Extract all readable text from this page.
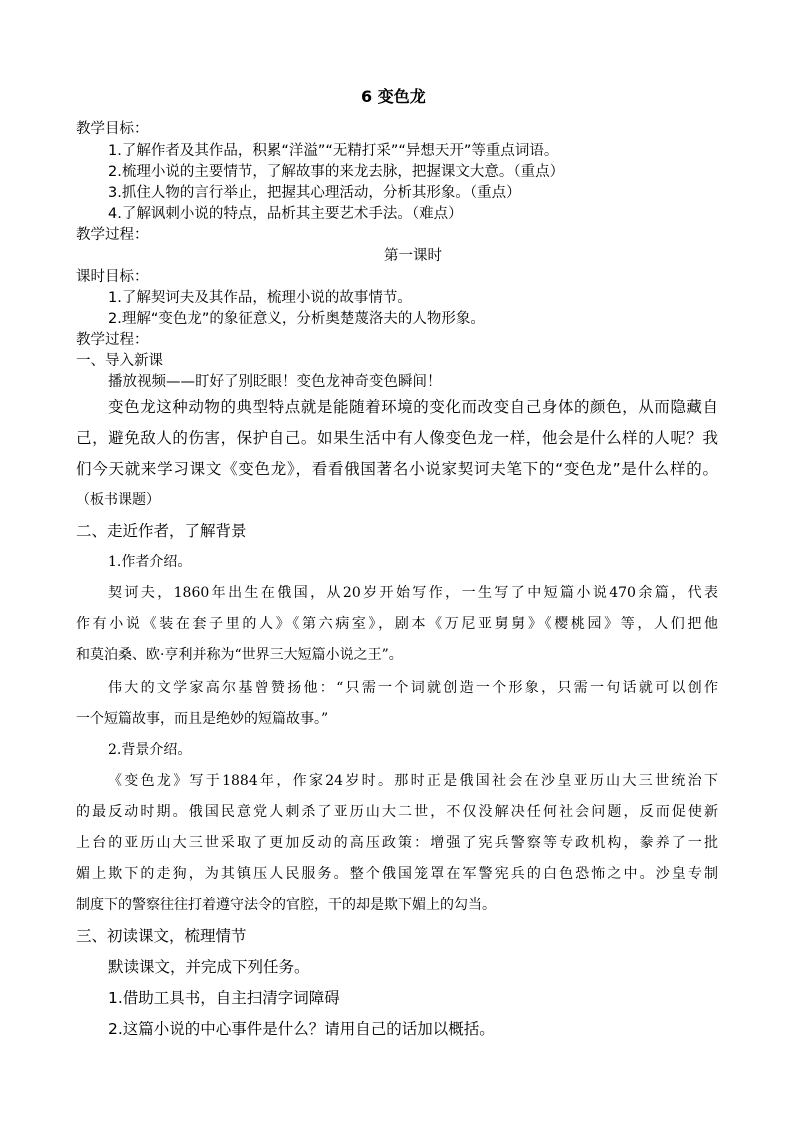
6 变色龙
教学目标：
1.了解作者及其作品，积累“洋溢”“无精打采”“异想天开”等重点词语。
2.梳理小说的主要情节，了解故事的来龙去脉，把握课文大意。（重点）
3.抓住人物的言行举止，把握其心理活动，分析其形象。（重点）
4.了解讽刺小说的特点，品析其主要艺术手法。（难点）
教学过程：
第一课时
课时目标：
1.了解契诃夫及其作品，梳理小说的故事情节。
2.理解“变色龙”的象征意义，分析奥楚蔑洛夫的人物形象。
教学过程：
一、导入新课
播放视频——盯好了别眨眼！变色龙神奇变色瞬间！
变色龙这种动物的典型特点就是能随着环境的变化而改变自己身体的颜色，从而隐藏自
己，避免敌人的伤害，保护自己。如果生活中有人像变色龙一样，他会是什么样的人呢？我
们今天就来学习课文《变色龙》，看看俄国著名小说家契诃夫笔下的“变色龙”是什么样的。
（板书课题）
二、走近作者，了解背景
1.作者介绍。
契诃夫，1860年出生在俄国，从20岁开始写作，一生写了中短篇小说470余篇，代表
作有小说《装在套子里的人》《第六病室》，剧本《万尼亚舅舅》《樱桃园》等，人们把他
和莫泊桑、欧·亨利并称为“世界三大短篇小说之王”。
伟大的文学家高尔基曾赞扬他：“只需一个词就创造一个形象，只需一句话就可以创作
一个短篇故事，而且是绝妙的短篇故事。”
2.背景介绍。
《变色龙》写于1884年，作家24岁时。那时正是俄国社会在沙皇亚历山大三世统治下
的最反动时期。俄国民意党人刺杀了亚历山大二世，不仅没解决任何社会问题，反而促使新
上台的亚历山大三世采取了更加反动的高压政策：增强了宪兵警察等专政机构，豢养了一批
媚上欺下的走狗，为其镇压人民服务。整个俄国笼罩在军警宪兵的白色恐怖之中。沙皇专制
制度下的警察往往打着遵守法令的官腔，干的却是欺下媚上的勾当。
三、初读课文，梳理情节
默读课文，并完成下列任务。
1.借助工具书，自主扫清字词障碍
2.这篇小说的中心事件是什么？请用自己的话加以概括。
